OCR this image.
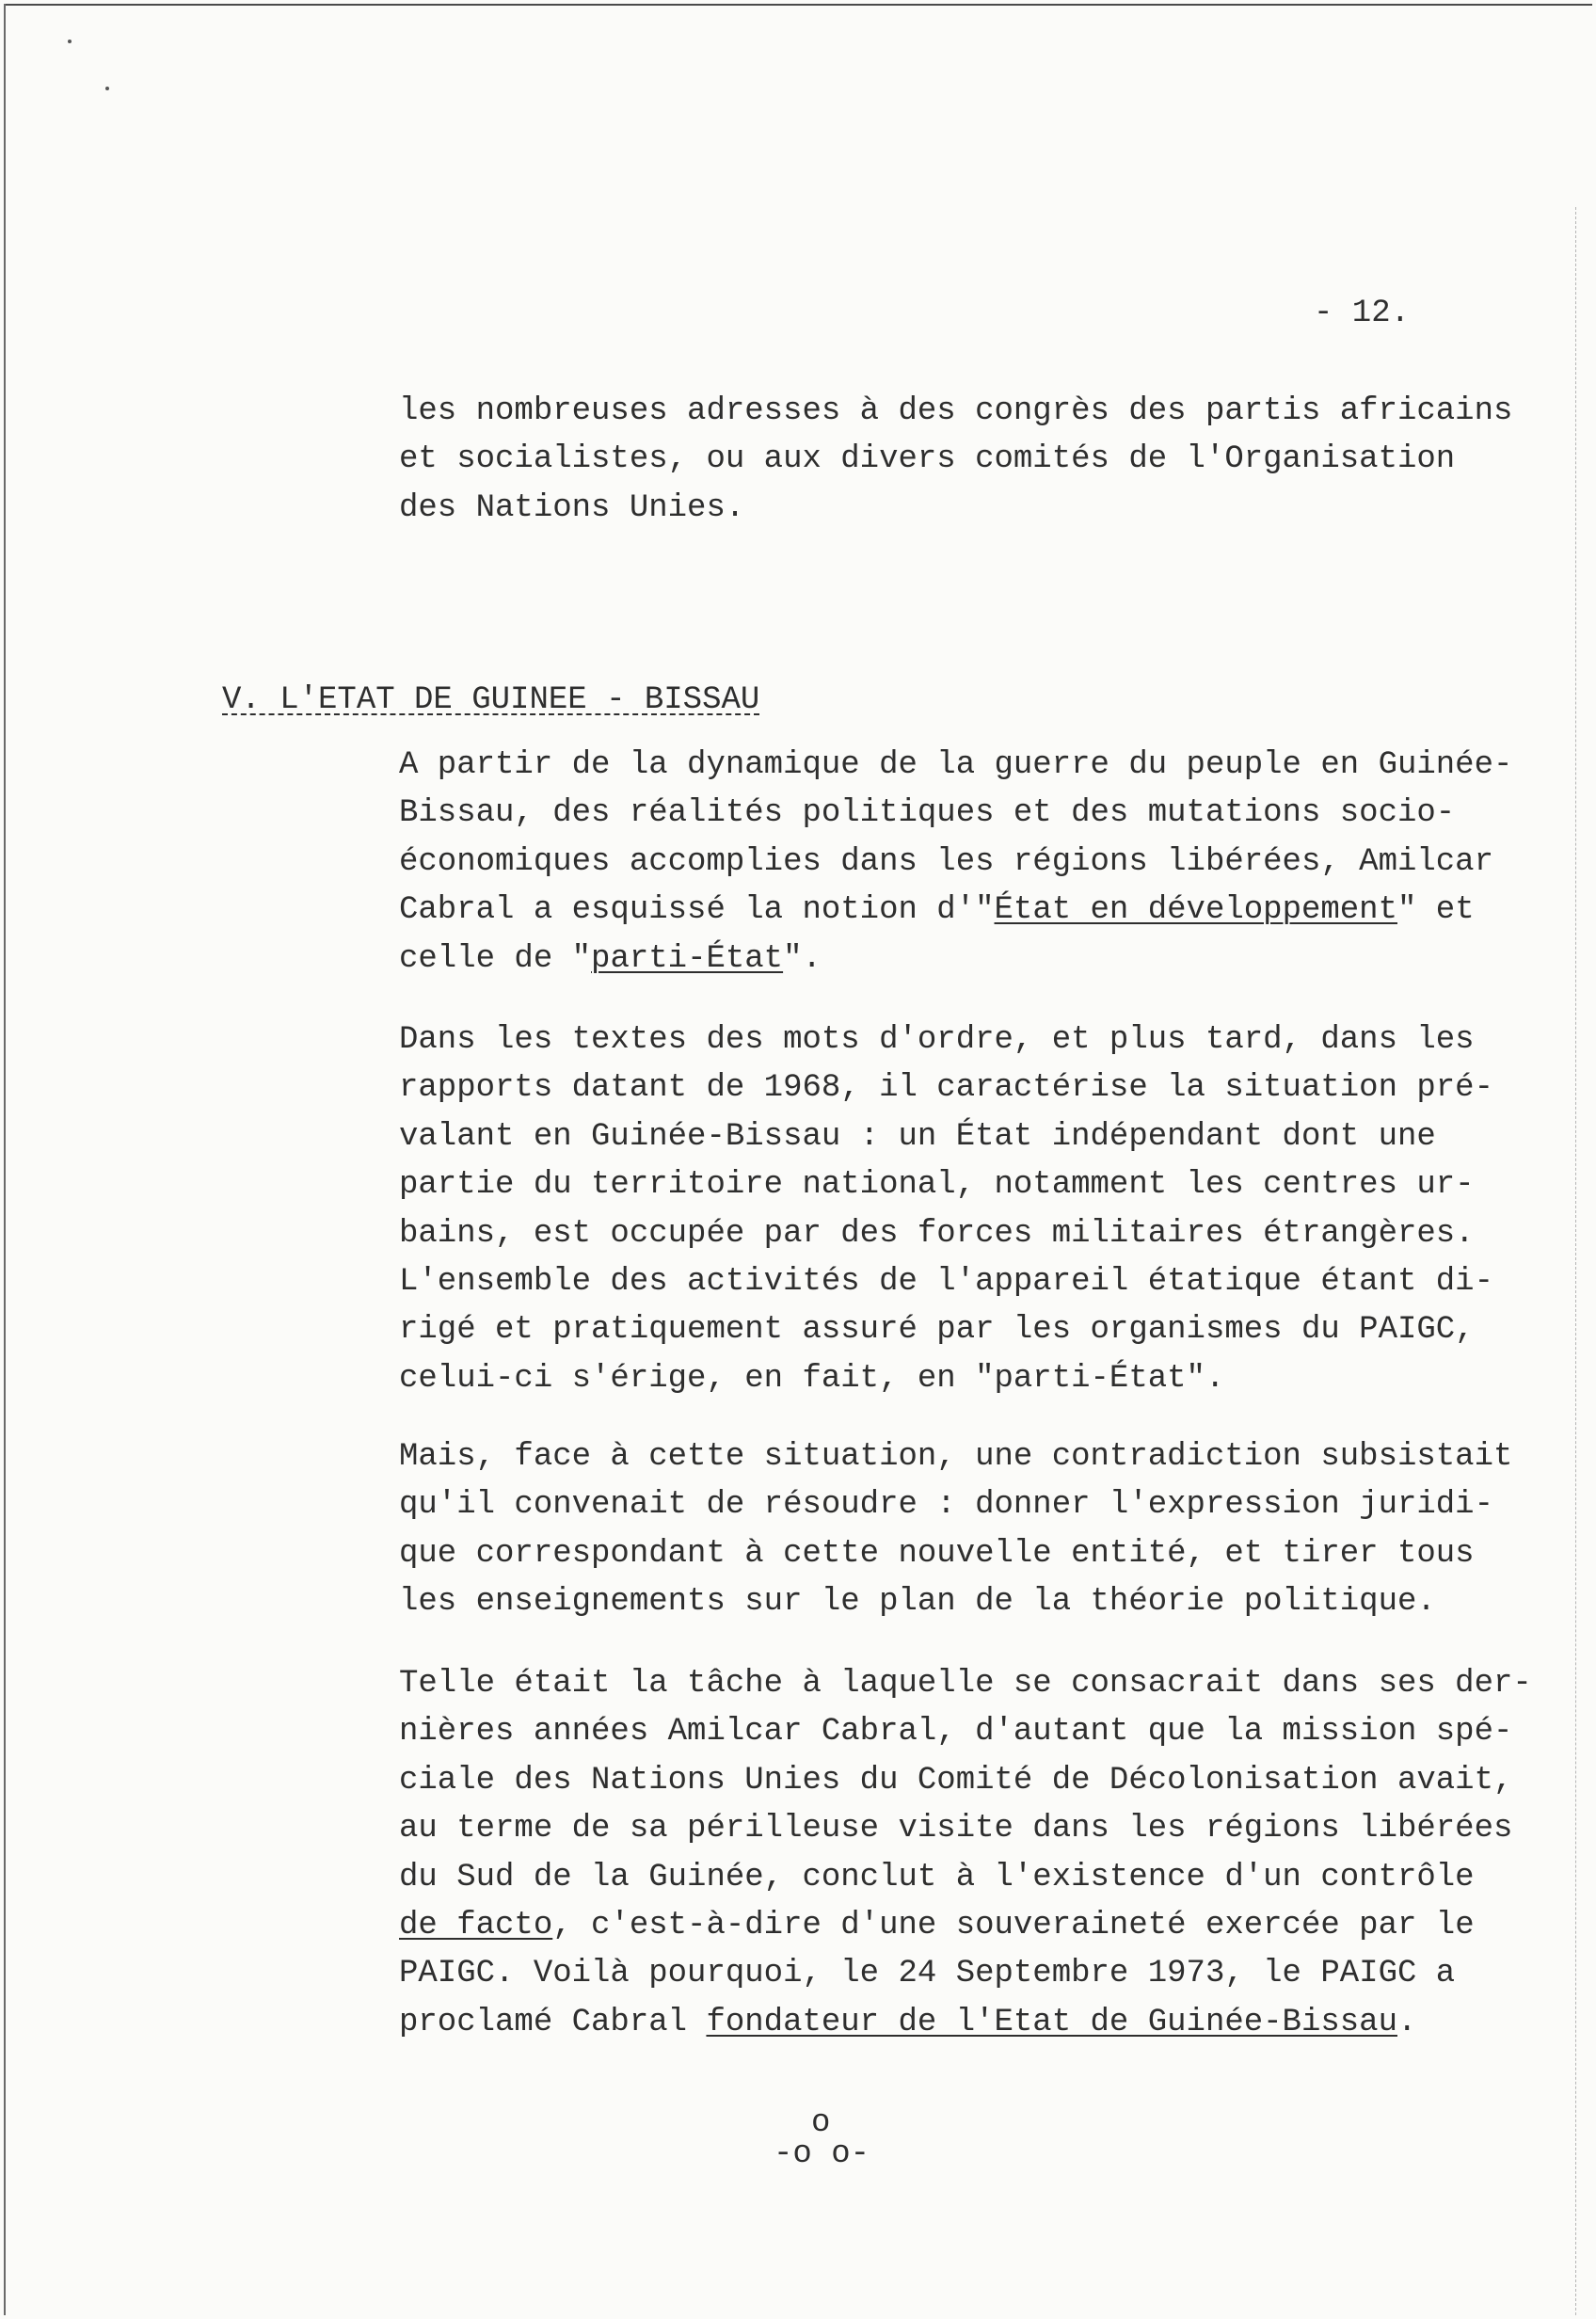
- 12.
les nombreuses adresses à des congrès des partis africains
et socialistes, ou aux divers comités de l'Organisation
des Nations Unies.
V. L'ETAT DE GUINEE - BISSAU
A partir de la dynamique de la guerre du peuple en Guinée-
Bissau, des réalités politiques et des mutations socio-
économiques accomplies dans les régions libérées, Amilcar
Cabral a esquissé la notion d'"État en développement" et
celle de "parti-État".
Dans les textes des mots d'ordre, et plus tard, dans les
rapports datant de 1968, il caractérise la situation pré-
valant en Guinée-Bissau : un État indépendant dont une
partie du territoire national, notamment les centres ur-
bains, est occupée par des forces militaires étrangères.
L'ensemble des activités de l'appareil étatique étant di-
rigé et pratiquement assuré par les organismes du PAIGC,
celui-ci s'érige, en fait, en "parti-État".
Mais, face à cette situation, une contradiction subsistait
qu'il convenait de résoudre : donner l'expression juridi-
que correspondant à cette nouvelle entité, et tirer tous
les enseignements sur le plan de la théorie politique.
Telle était la tâche à laquelle se consacrait dans ses der-
nières années Amilcar Cabral, d'autant que la mission spé-
ciale des Nations Unies du Comité de Décolonisation avait,
au terme de sa périlleuse visite dans les régions libérées
du Sud de la Guinée, conclut à l'existence d'un contrôle
de facto, c'est-à-dire d'une souveraineté exercée par le
PAIGC. Voilà pourquoi, le 24 Septembre 1973, le PAIGC a
proclamé Cabral fondateur de l'Etat de Guinée-Bissau.
o
-o o-
